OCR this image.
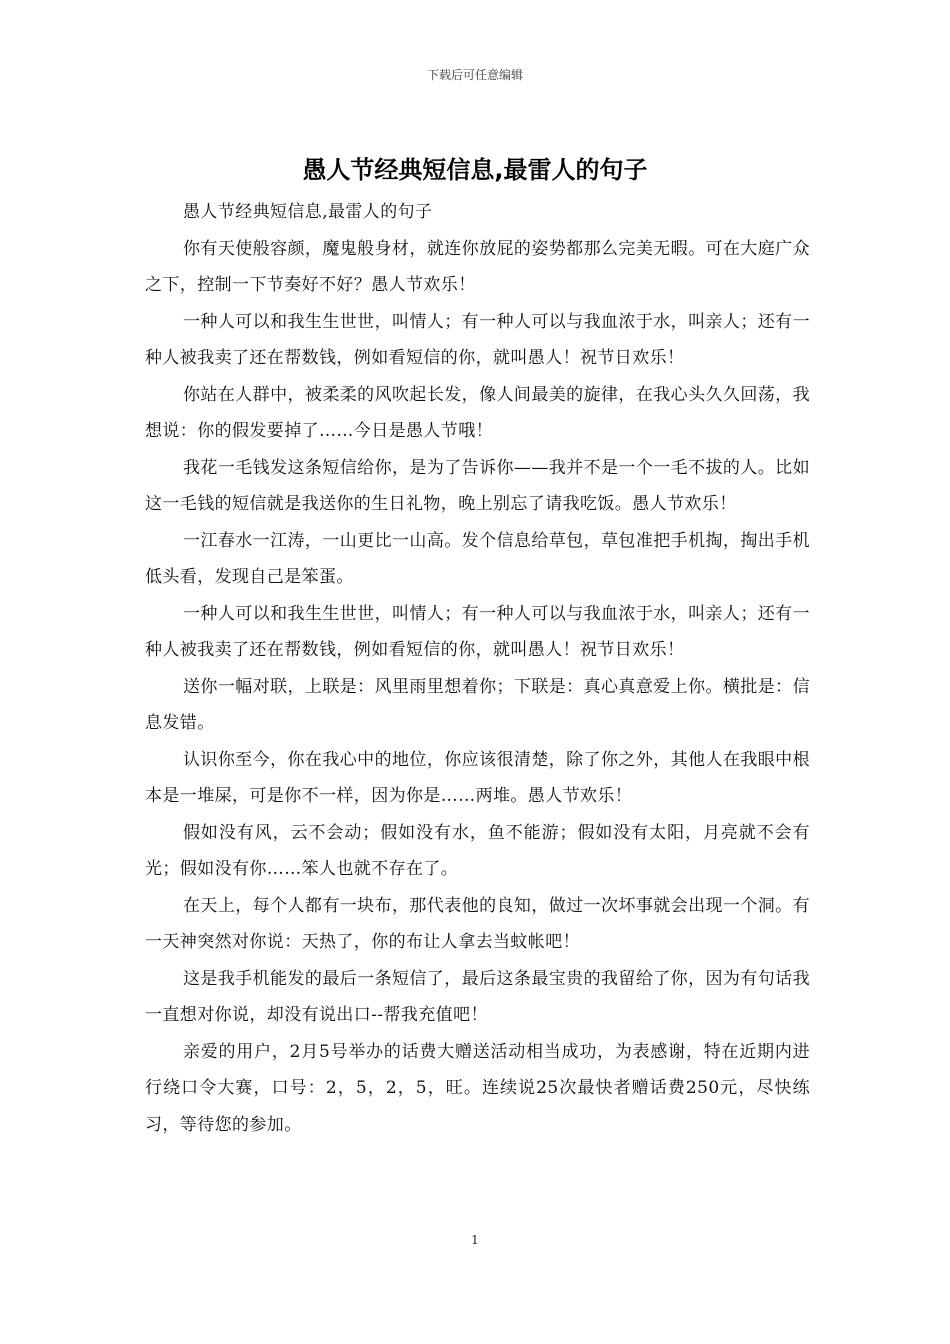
下载后可任意编辑
愚人节经典短信息,最雷人的句子

愚人节经典短信息,最雷人的句子

你有天使般容颜，魔鬼般身材，就连你放屁的姿势都那么完美无暇。可在大庭广众之下，控制一下节奏好不好？愚人节欢乐！

一种人可以和我生生世世，叫情人；有一种人可以与我血浓于水，叫亲人；还有一种人被我卖了还在帮数钱，例如看短信的你，就叫愚人！祝节日欢乐！

你站在人群中，被柔柔的风吹起长发，像人间最美的旋律，在我心头久久回荡，我想说：你的假发要掉了……今日是愚人节哦！

我花一毛钱发这条短信给你，是为了告诉你——我并不是一个一毛不拔的人。比如这一毛钱的短信就是我送你的生日礼物，晚上别忘了请我吃饭。愚人节欢乐！

一江春水一江涛，一山更比一山高。发个信息给草包，草包准把手机掏，掏出手机低头看，发现自己是笨蛋。

一种人可以和我生生世世，叫情人；有一种人可以与我血浓于水，叫亲人；还有一种人被我卖了还在帮数钱，例如看短信的你，就叫愚人！祝节日欢乐！

送你一幅对联，上联是：风里雨里想着你；下联是：真心真意爱上你。横批是：信息发错。

认识你至今，你在我心中的地位，你应该很清楚，除了你之外，其他人在我眼中根本是一堆屎，可是你不一样，因为你是……两堆。愚人节欢乐！

假如没有风，云不会动；假如没有水，鱼不能游；假如没有太阳，月亮就不会有光；假如没有你……笨人也就不存在了。

在天上，每个人都有一块布，那代表他的良知，做过一次坏事就会出现一个洞。有一天神突然对你说：天热了，你的布让人拿去当蚊帐吧！

这是我手机能发的最后一条短信了，最后这条最宝贵的我留给了你，因为有句话我一直想对你说，却没有说出口--帮我充值吧！

亲爱的用户，2月5号举办的话费大赠送活动相当成功，为表感谢，特在近期内进行绕口令大赛，口号：2，5，2，5，旺。连续说25次最快者赠话费250元，尽快练习，等待您的参加。

1
